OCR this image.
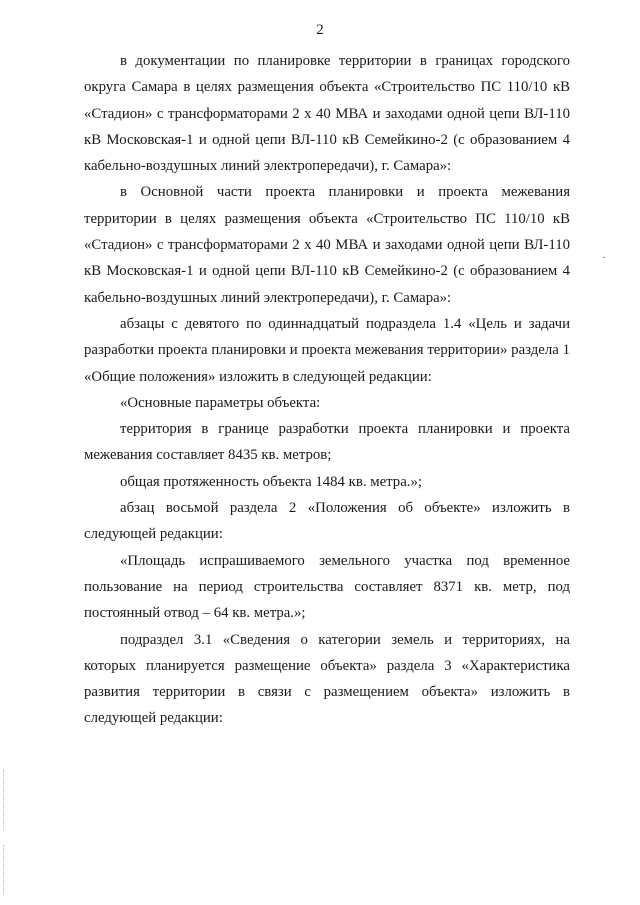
2

в документации по планировке территории в границах городского округа Самара в целях размещения объекта «Строительство ПС 110/10 кВ «Стадион» с трансформаторами 2 х 40 МВА и заходами одной цепи ВЛ-110 кВ Московская-1 и одной цепи ВЛ-110 кВ Семейкино-2 (с образованием 4 кабельно-воздушных линий электропередачи), г. Самара»:

в Основной части проекта планировки и проекта межевания территории в целях размещения объекта «Строительство ПС 110/10 кВ «Стадион» с трансформаторами 2 х 40 МВА и заходами одной цепи ВЛ-110 кВ Московская-1 и одной цепи ВЛ-110 кВ Семейкино-2 (с образованием 4 кабельно-воздушных линий электропередачи), г. Самара»:

абзацы с девятого по одиннадцатый подраздела 1.4 «Цель и задачи разработки проекта планировки и проекта межевания территории» раздела 1 «Общие положения» изложить в следующей редакции:

«Основные параметры объекта:

территория в границе разработки проекта планировки и проекта межевания составляет 8435 кв. метров;

общая протяженность объекта 1484 кв. метра.»;

абзац восьмой раздела 2 «Положения об объекте» изложить в следующей редакции:

«Площадь испрашиваемого земельного участка под временное пользование на период строительства составляет 8371 кв. метр, под постоянный отвод – 64 кв. метра.»;

подраздел 3.1 «Сведения о категории земель и территориях, на которых планируется размещение объекта» раздела 3 «Характеристика развития территории в связи с размещением объекта» изложить в следующей редакции:

·
